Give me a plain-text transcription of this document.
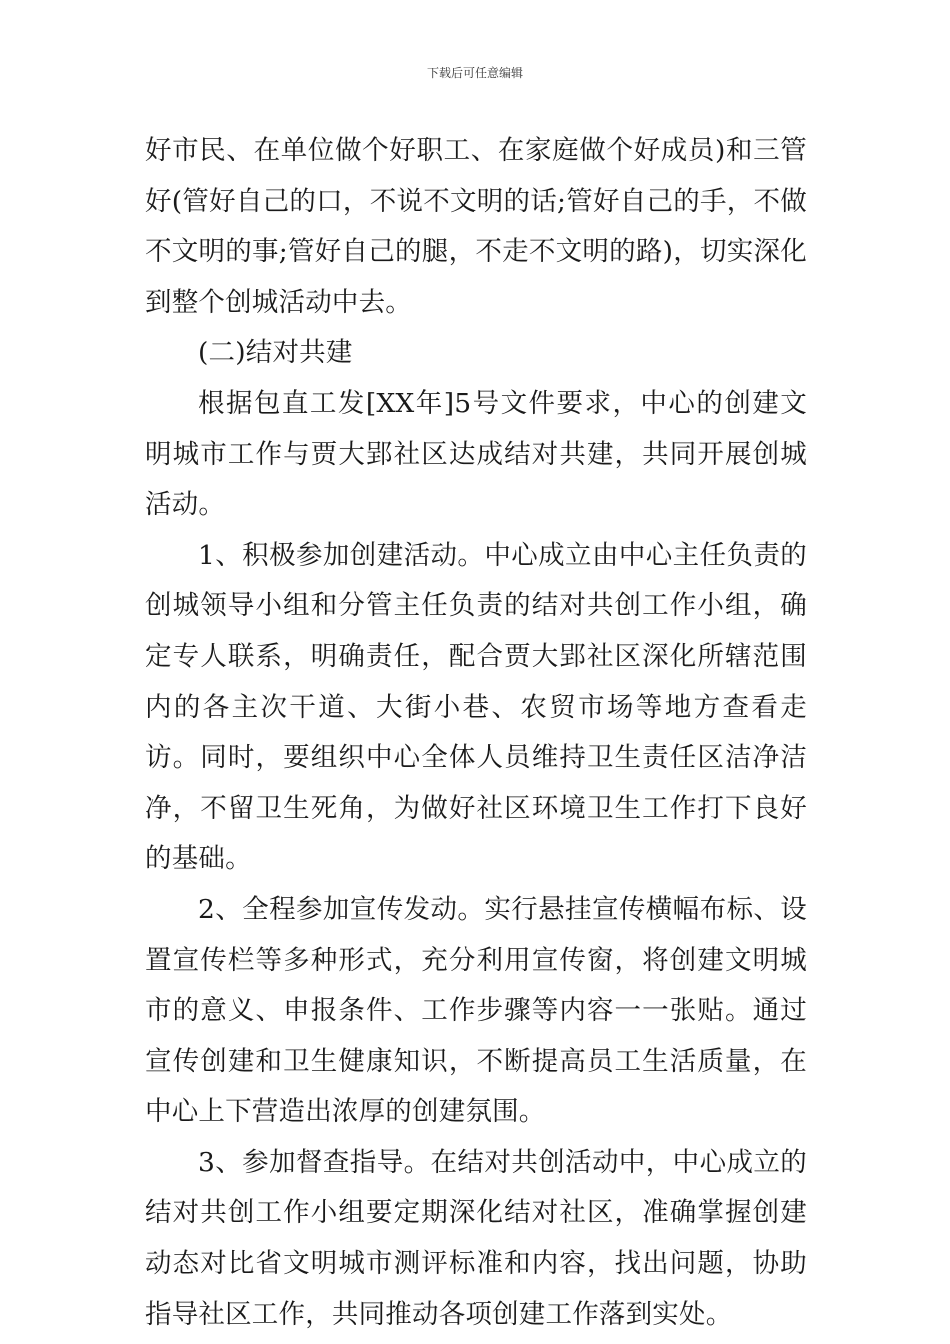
下载后可任意编辑

好市民、在单位做个好职工、在家庭做个好成员)和三管好(管好自己的口，不说不文明的话;管好自己的手，不做不文明的事;管好自己的腿，不走不文明的路)，切实深化到整个创城活动中去。

(二)结对共建

根据包直工发[XX年]5号文件要求，中心的创建文明城市工作与贾大郢社区达成结对共建，共同开展创城活动。

1、积极参加创建活动。中心成立由中心主任负责的创城领导小组和分管主任负责的结对共创工作小组，确定专人联系，明确责任，配合贾大郢社区深化所辖范围内的各主次干道、大街小巷、农贸市场等地方查看走访。同时，要组织中心全体人员维持卫生责任区洁净洁净，不留卫生死角，为做好社区环境卫生工作打下良好的基础。

2、全程参加宣传发动。实行悬挂宣传横幅布标、设置宣传栏等多种形式，充分利用宣传窗，将创建文明城市的意义、申报条件、工作步骤等内容一一张贴。通过宣传创建和卫生健康知识，不断提高员工生活质量，在中心上下营造出浓厚的创建氛围。

3、参加督查指导。在结对共创活动中，中心成立的结对共创工作小组要定期深化结对社区，准确掌握创建动态对比省文明城市测评标准和内容，找出问题，协助指导社区工作，共同推动各项创建工作落到实处。
